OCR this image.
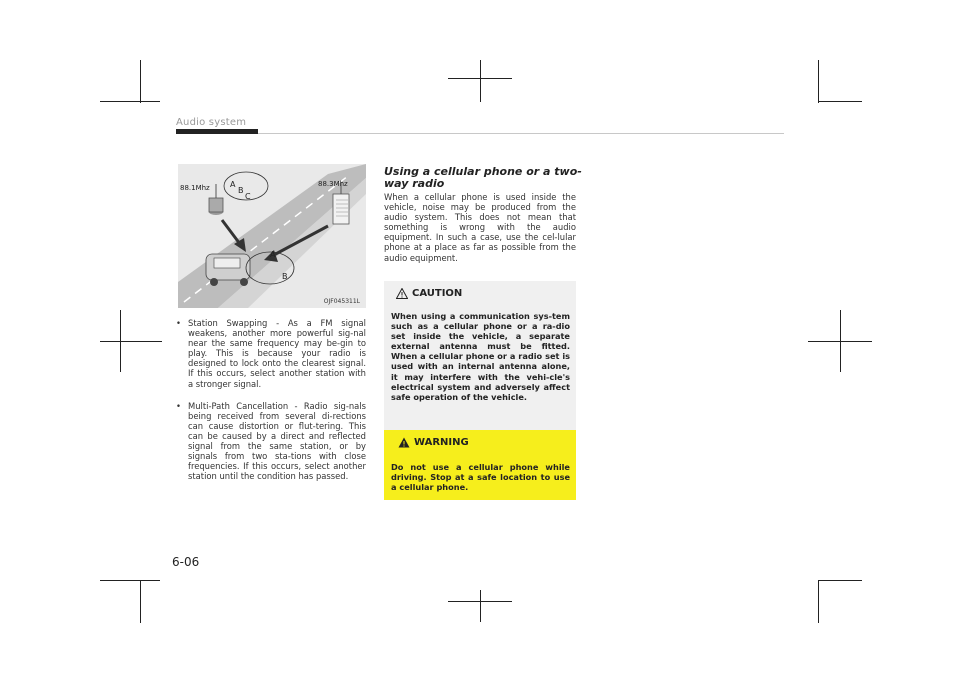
Audio system
88.1Mhz	88.3Mhz
A
B
C
A
B
OJF045311L
• Station Swapping - As a FM signal weakens, another more powerful sig-nal near the same frequency may be-gin to play. This is because your radio is designed to lock onto the clearest signal. If this occurs, select another station with a stronger signal.
• Multi-Path Cancellation - Radio sig-nals being received from several di-rections can cause distortion or flut-tering. This can be caused by a direct and reflected signal from the same station, or by signals from two sta-tions with close frequencies. If this occurs, select another station until the condition has passed.
Using a cellular phone or a two-way radio
When a cellular phone is used inside the vehicle, noise may be produced from the audio system. This does not mean that something is wrong with the audio equipment. In such a case, use the cel-lular phone at a place as far as possible from the audio equipment.
CAUTION
When using a communication sys-tem such as a cellular phone or a ra-dio set inside the vehicle, a separate external antenna must be fitted. When a cellular phone or a radio set is used with an internal antenna alone, it may interfere with the vehi-cle's electrical system and adversely affect safe operation of the vehicle.
WARNING
Do not use a cellular phone while driving. Stop at a safe location to use a cellular phone.
6-06
